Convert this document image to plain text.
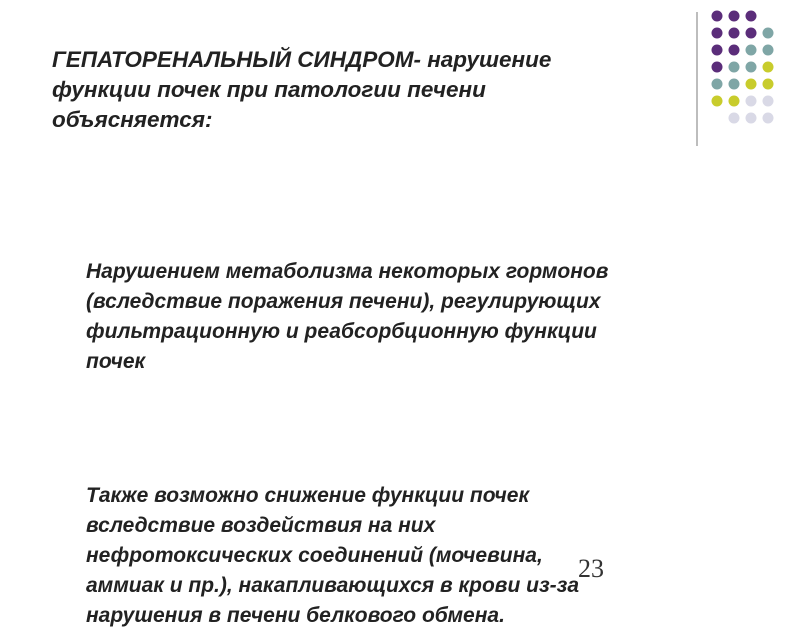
ГЕПАТОРЕНАЛЬНЫЙ СИНДРОМ- нарушение
функции почек при патологии печени
объясняется:

Нарушением метаболизма некоторых гормонов
(вследствие поражения печени), регулирующих
фильтрационную и реабсорбционную функции
почек

Также возможно снижение функции почек
вследствие воздействия на них
нефротоксических соединений (мочевина,
аммиак и пр.), накапливающихся в крови из-за
нарушения в печени белкового обмена.

23
